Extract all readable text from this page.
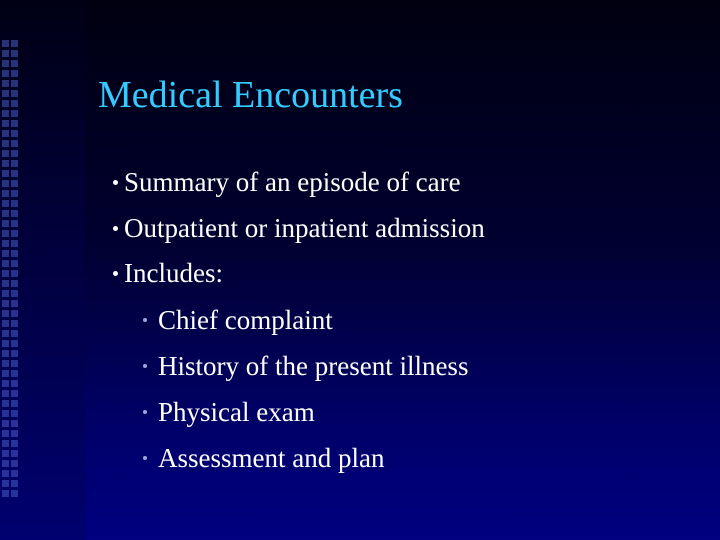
Medical Encounters
Summary of an episode of care
Outpatient or inpatient admission
Includes:
Chief complaint
History of the present illness
Physical exam
Assessment and plan
